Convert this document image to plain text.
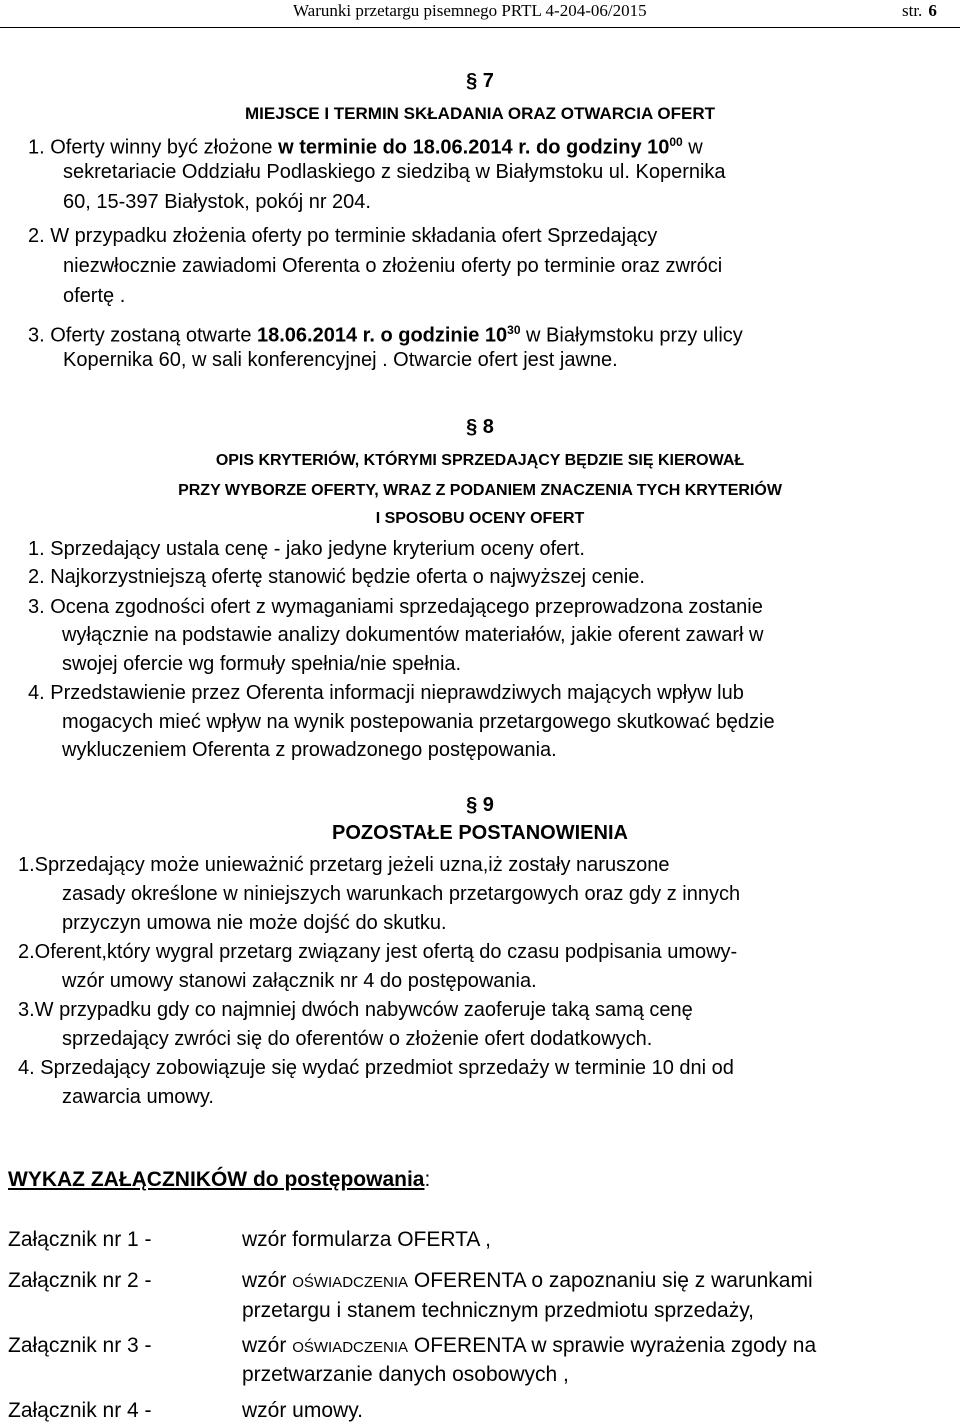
Warunki przetargu pisemnego PRTL 4-204-06/2015	str. 6
§ 7
MIEJSCE I TERMIN SKŁADANIA ORAZ OTWARCIA OFERT
1. Oferty winny być złożone w terminie do 18.06.2014 r. do godziny $10^{00}$ w
sekretariacie Oddziału Podlaskiego z siedzibą w Białymstoku ul. Kopernika
60, 15-397 Białystok, pokój nr 204.
2. W przypadku złożenia oferty po terminie składania ofert Sprzedający
niezwłocznie zawiadomi Oferenta o złożeniu oferty po terminie oraz zwróci
ofertę .
3. Oferty zostaną otwarte 18.06.2014 r. o godzinie $10^{30}$ w Białymstoku przy ulicy
Kopernika 60, w sali konferencyjnej . Otwarcie ofert jest jawne.
§ 8
OPIS KRYTERIÓW, KTÓRYMI SPRZEDAJĄCY BĘDZIE SIĘ KIEROWAŁ
PRZY WYBORZE OFERTY, WRAZ Z PODANIEM ZNACZENIA TYCH KRYTERIÓW
I SPOSOBU OCENY OFERT
1. Sprzedający ustala cenę - jako jedyne kryterium oceny ofert.
2. Najkorzystniejszą ofertę stanowić będzie oferta o najwyższej cenie.
3. Ocena zgodności ofert z wymaganiami sprzedającego przeprowadzona zostanie
wyłącznie na podstawie analizy dokumentów materiałów, jakie oferent zawarł w
swojej ofercie wg formuły spełnia/nie spełnia.
4. Przedstawienie przez Oferenta informacji nieprawdziwych mających wpływ lub
mogacych mieć wpływ na wynik postepowania przetargowego skutkować będzie
wykluczeniem Oferenta z prowadzonego postępowania.
§ 9
POZOSTAŁE POSTANOWIENIA
1.Sprzedający może unieważnić przetarg jeżeli uzna,iż zostały naruszone
zasady określone w niniejszych warunkach przetargowych oraz gdy z innych
przyczyn umowa nie może dojść do skutku.
2.Oferent,który wygral przetarg związany jest ofertą do czasu podpisania umowy-
wzór umowy stanowi załącznik nr 4 do postępowania.
3.W przypadku gdy co najmniej dwóch nabywców zaoferuje taką samą cenę
sprzedający zwróci się do oferentów o złożenie ofert dodatkowych.
4. Sprzedający zobowiązuje się wydać przedmiot sprzedaży w terminie 10 dni od
zawarcia umowy.
WYKAZ ZAŁĄCZNIKÓW do postępowania:
Załącznik nr 1 -	wzór formularza OFERTA ,
Załącznik nr 2 -	wzór OŚWIADCZENIA OFERENTA o zapoznaniu się z warunkami
przetargu i stanem technicznym przedmiotu sprzedaży,
Załącznik nr 3 -	wzór OŚWIADCZENIA OFERENTA w sprawie wyrażenia zgody na
przetwarzanie danych osobowych ,
Załącznik nr 4 -	wzór umowy.
